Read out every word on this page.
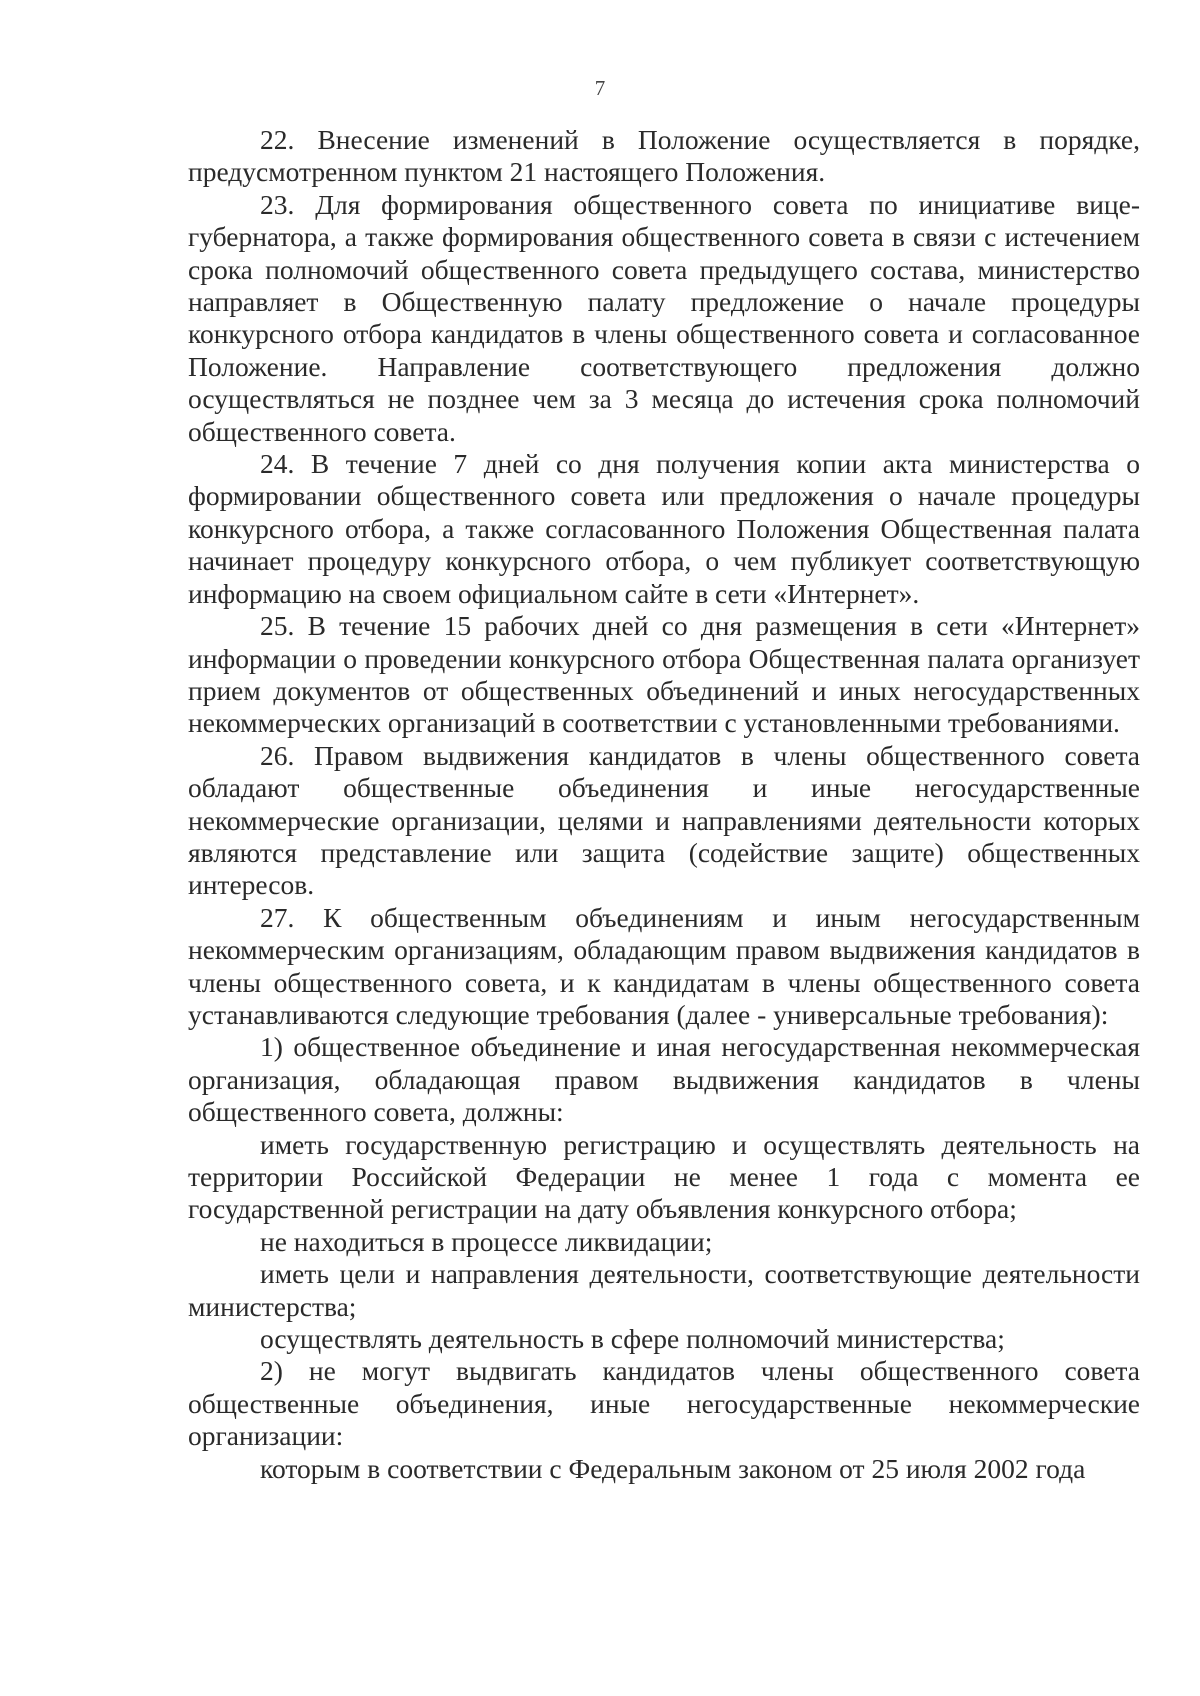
7

22. Внесение изменений в Положение осуществляется в порядке, предусмотренном пунктом 21 настоящего Положения.

23. Для формирования общественного совета по инициативе вице-губернатора, а также формирования общественного совета в связи с истечением срока полномочий общественного совета предыдущего состава, министерство направляет в Общественную палату предложение о начале процедуры конкурсного отбора кандидатов в члены общественного совета и согласованное Положение. Направление соответствующего предложения должно осуществляться не позднее чем за 3 месяца до истечения срока полномочий общественного совета.

24. В течение 7 дней со дня получения копии акта министерства о формировании общественного совета или предложения о начале процедуры конкурсного отбора, а также согласованного Положения Общественная палата начинает процедуру конкурсного отбора, о чем публикует соответствующую информацию на своем официальном сайте в сети «Интернет».

25. В течение 15 рабочих дней со дня размещения в сети «Интернет» информации о проведении конкурсного отбора Общественная палата организует прием документов от общественных объединений и иных негосударственных некоммерческих организаций в соответствии с установленными требованиями.

26. Правом выдвижения кандидатов в члены общественного совета обладают общественные объединения и иные негосударственные некоммерческие организации, целями и направлениями деятельности которых являются представление или защита (содействие защите) общественных интересов.

27. К общественным объединениям и иным негосударственным некоммерческим организациям, обладающим правом выдвижения кандидатов в члены общественного совета, и к кандидатам в члены общественного совета устанавливаются следующие требования (далее - универсальные требования):

1) общественное объединение и иная негосударственная некоммерческая организация, обладающая правом выдвижения кандидатов в члены общественного совета, должны:

иметь государственную регистрацию и осуществлять деятельность на территории Российской Федерации не менее 1 года с момента ее государственной регистрации на дату объявления конкурсного отбора;

не находиться в процессе ликвидации;

иметь цели и направления деятельности, соответствующие деятельности министерства;

осуществлять деятельность в сфере полномочий министерства;

2) не могут выдвигать кандидатов члены общественного совета общественные объединения, иные негосударственные некоммерческие организации:

которым в соответствии с Федеральным законом от 25 июля 2002 года
